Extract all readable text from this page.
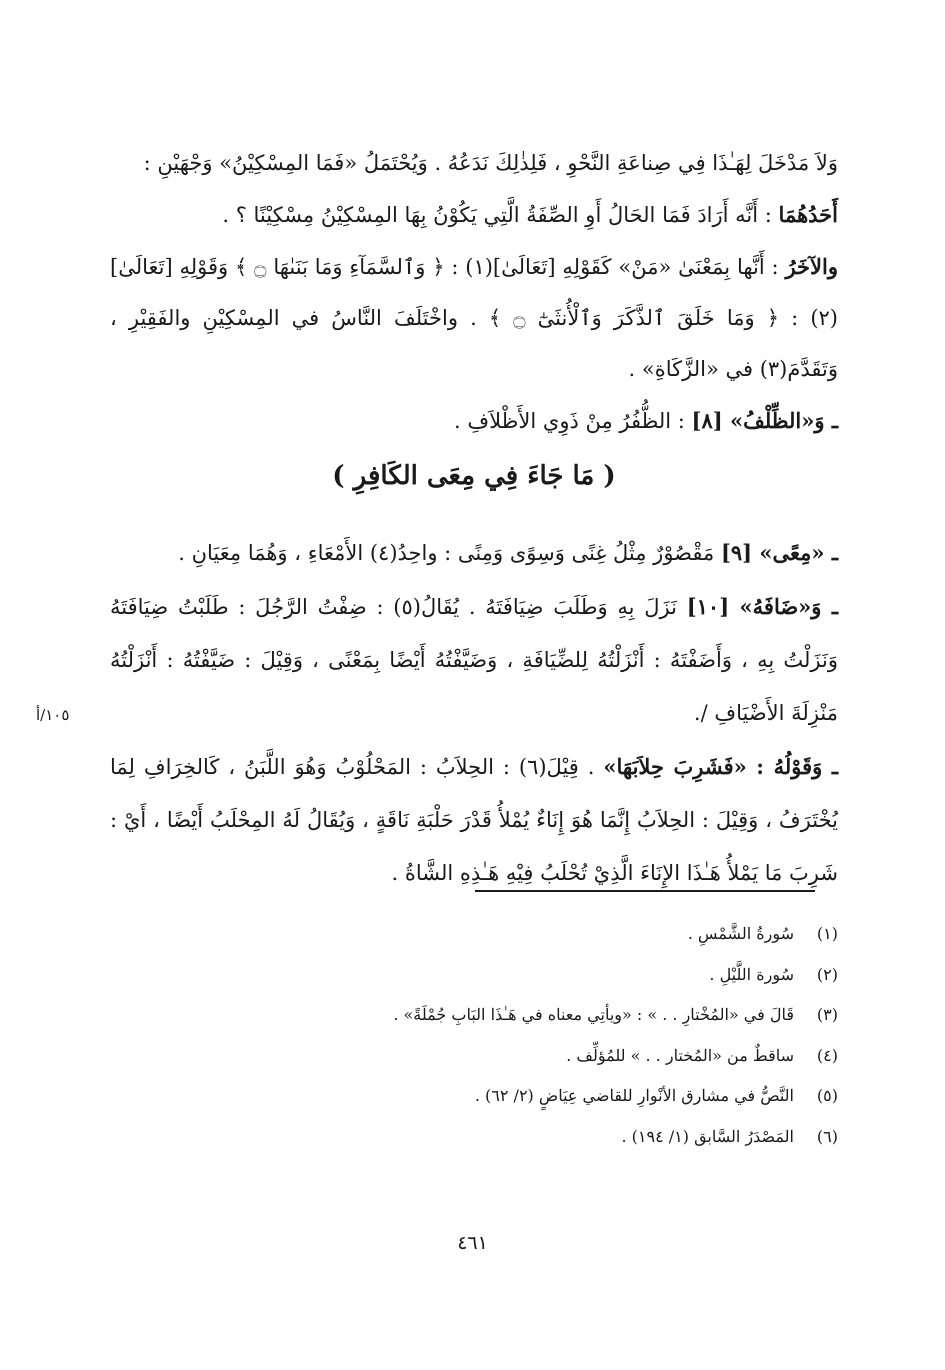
وَلاَ مَدْخَلَ لِهَـٰذَا فِي صِناعَةِ النَّحْوِ ، فَلِذٰلِكَ نَدَعُهُ . وَيُحْتَمَلُ «فَمَا المِسْكِيْنُ» وَجْهَيْنِ :

أَحَدُهُمَا : أَنَّه أَرَادَ فَمَا الحَالُ أَوِ الصِّفَةُ الَّتِي يَكُوْنُ بِهَا المِسْكِيْنُ مِسْكِيْنًا ؟ .

والآخَرُ : أَنَّها بِمَعْنَىٰ «مَنْ» كَقَوْلِهِ [تَعَالَىٰ](١) : ﴿ وَٱلسَّمَآءِ وَمَا بَنَىٰهَا ۝ ﴾ وَقَوْلِهِ [تَعَالَىٰ](٢) : ﴿ وَمَا خَلَقَ ٱلذَّكَرَ وَٱلْأُنثَىٰٓ ۝ ﴾ . واخْتَلَفَ النَّاسُ في المِسْكِيْنِ والفَقِيْرِ ، وَتَقَدَّمَ(٣) في «الزَّكَاةِ» .

ـ وَ«الظِّلْفُ» [٨] : الظُّفُرُ مِنْ ذَوِي الأَظْلاَفِ .

( مَا جَاءَ فِي مِعَى الكَافِرِ )

ـ «مِعًى» [٩] مَقْصُوْرٌ مِثْلُ غِنًى وَسِوًى وَمِنًى : واحِدُ(٤) الأَمْعَاءِ ، وَهُمَا مِعَيَانِ .

ـ وَ«ضَافَهُ» [١٠] نَزَلَ بِهِ وَطَلَبَ ضِيَافَتَهُ . يُقَالُ(٥) : ضِفْتُ الرَّجُلَ : طَلَبْتُ ضِيَافَتَهُ وَنَزَلْتُ بِهِ ، وَأَضَفْتَهُ : أَنْزَلْتُهُ لِلضِّيَافَةِ ، وَضَيَّفْتُهُ أَيْضًا بِمَعْنًى ، وَقِيْلَ : ضَيَّفْتُهُ : أَنْزَلْتُهُ مَنْزِلَةَ الأَضْيَافِ /.

ـ وَقَوْلُهُ : «فَشَرِبَ حِلاَبَهَا» . قِيْلَ(٦) : الحِلاَبُ : المَحْلُوْبُ وَهُوَ اللَّبَنُ ، كَالخِرَافِ لِمَا يُخْتَرَفُ ، وَقِيْلَ : الحِلاَبُ إِنَّمَا هُوَ إِنَاءٌ يُمْلأُ قَدْرَ حَلْبَةِ نَاقَةٍ ، وَيُقَالُ لَهُ المِحْلَبُ أَيْضًا ، أَيْ : شَرِبَ مَا يَمْلأُ هَـٰذَا الإِنَاءَ الَّذِيْ تُحْلَبُ فِيْهِ هَـٰذِهِ الشَّاةُ .

١٠٥/أ
(١)
سُورةُ الشَّمْسِ .
(٢)
سُورة اللَّيْلِ .
(٣)
قَالَ في «المُخْتارِ . . » : «ويأتِي معناه في هَـٰذَا البَابِ جُمْلَةً» .
(٤)
ساقطٌ من «المُختار . . » للمُؤلِّف .
(٥)
النَّصُّ في مشارق الأنْوارِ للقاضي عِيَاضٍ (٢/ ٦٢) .
(٦)
المَصْدَرُ السَّابق (١/ ١٩٤) .
٤٦١
